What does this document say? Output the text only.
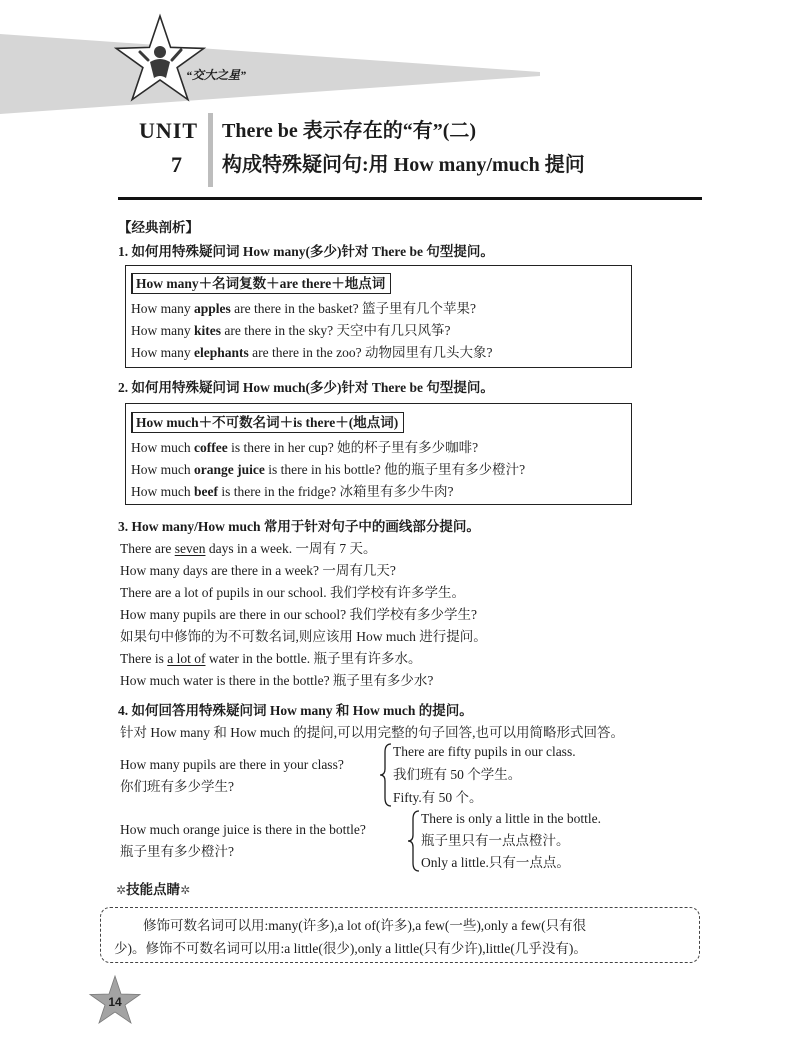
“交大之星”
UNIT
7
There be 表示存在的“有”(二)
构成特殊疑问句:用 How many/much 提问
【经典剖析】
1. 如何用特殊疑问词 How many(多少)针对 There be 句型提问。
How many＋名词复数＋are there＋地点词
How many apples are there in the basket? 篮子里有几个苹果?
How many kites are there in the sky? 天空中有几只风筝?
How many elephants are there in the zoo? 动物园里有几头大象?
2. 如何用特殊疑问词 How much(多少)针对 There be 句型提问。
How much＋不可数名词＋is there＋(地点词)
How much coffee is there in her cup? 她的杯子里有多少咖啡?
How much orange juice is there in his bottle? 他的瓶子里有多少橙汁?
How much beef is there in the fridge? 冰箱里有多少牛肉?
3. How many/How much 常用于针对句子中的画线部分提问。
There are seven days in a week. 一周有 7 天。
How many days are there in a week? 一周有几天?
There are a lot of pupils in our school. 我们学校有许多学生。
How many pupils are there in our school? 我们学校有多少学生?
如果句中修饰的为不可数名词,则应该用 How much 进行提问。
There is a lot of water in the bottle. 瓶子里有许多水。
How much water is there in the bottle? 瓶子里有多少水?
4. 如何回答用特殊疑问词 How many 和 How much 的提问。
针对 How many 和 How much 的提问,可以用完整的句子回答,也可以用简略形式回答。
How many pupils are there in your class?
你们班有多少学生?
There are fifty pupils in our class.
我们班有 50 个学生。
Fifty.有 50 个。
How much orange juice is there in the bottle?
瓶子里有多少橙汁?
There is only a little in the bottle.
瓶子里只有一点点橙汁。
Only a little.只有一点点。
✲
技能点睛
✲
修饰可数名词可以用:many(许多),a lot of(许多),a few(一些),only a few(只有很
少)。修饰不可数名词可以用:a little(很少),only a little(只有少许),little(几乎没有)。
14
